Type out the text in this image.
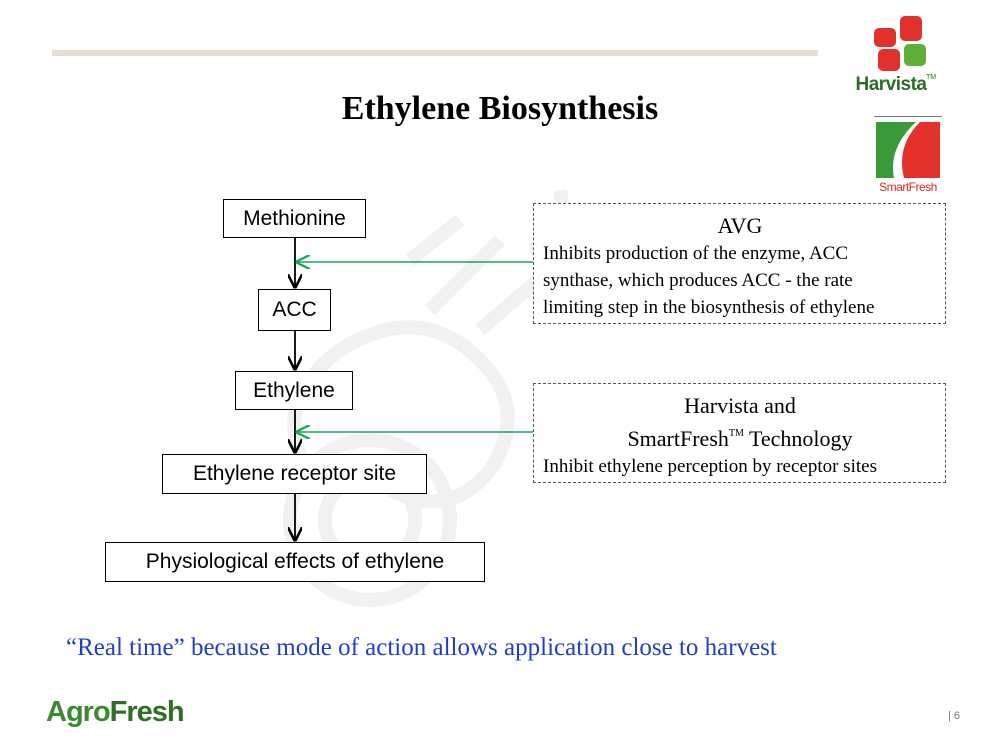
Harvista TM
SmartFresh
Ethylene Biosynthesis
Methionine
ACC
Ethylene
Ethylene receptor site
Physiological effects of ethylene
AVG
Inhibits production of the enzyme, ACC
synthase, which produces ACC - the rate
limiting step in the biosynthesis of ethylene
Harvista and
SmartFresh™ Technology
Inhibit ethylene perception by receptor sites
“Real time” because mode of action allows application close to harvest
AgroFresh	| 6
